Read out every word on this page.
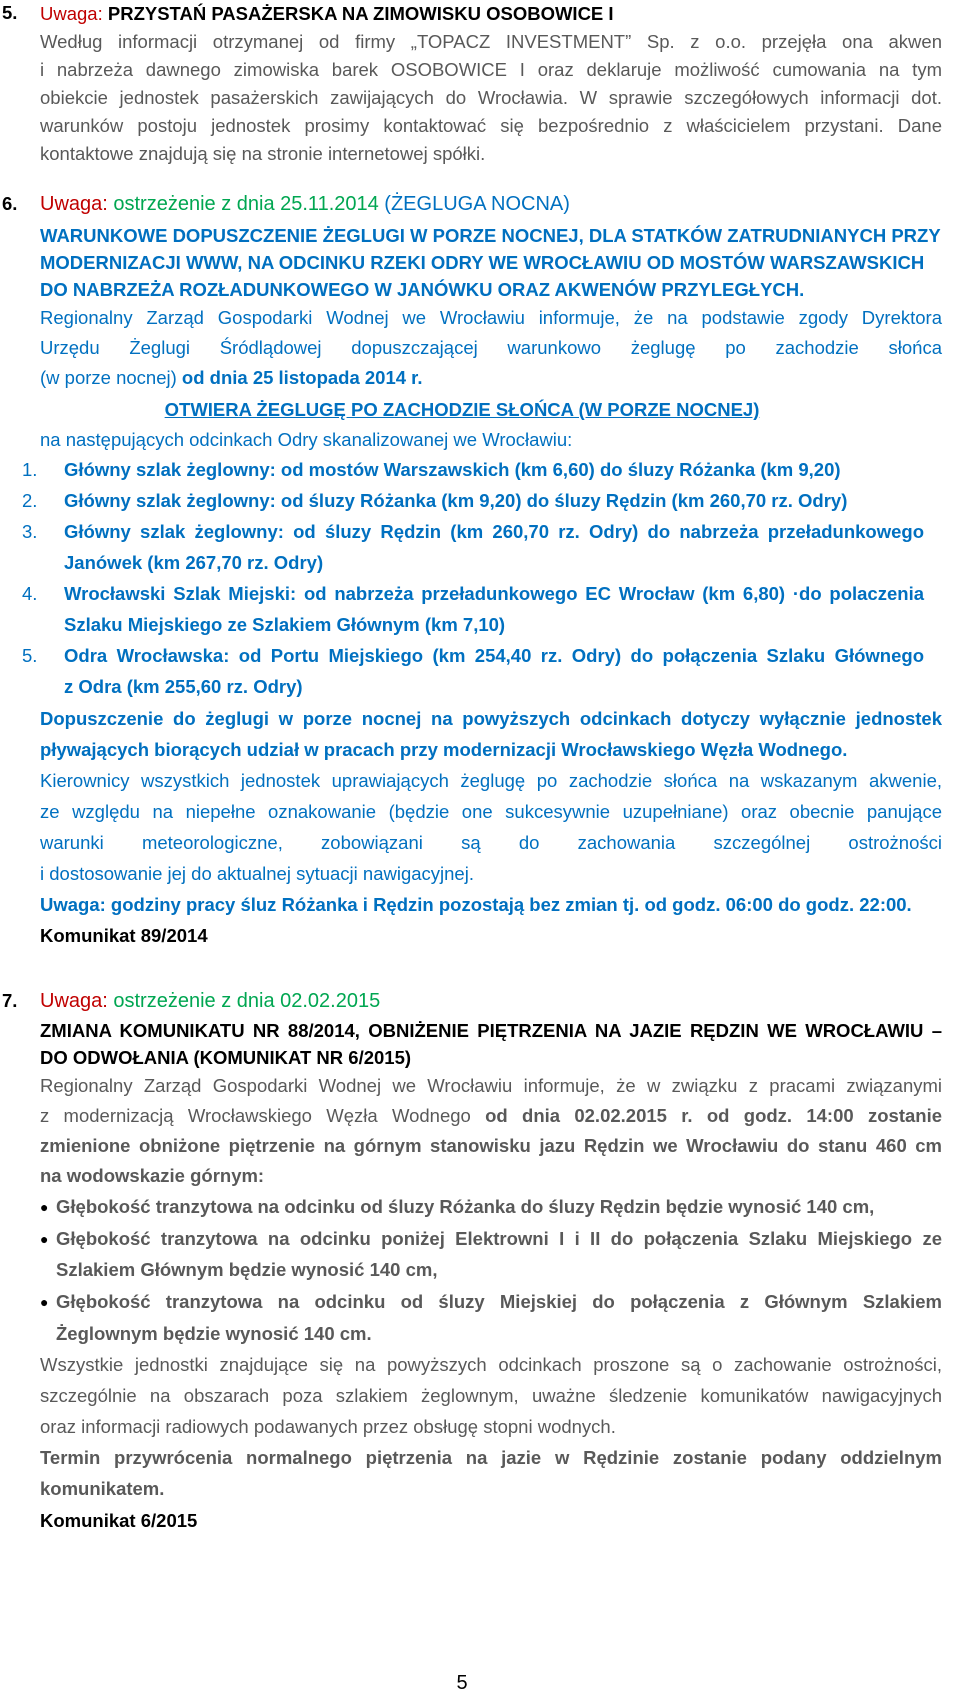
5. Uwaga: PRZYSTAŃ PASAŻERSKA NA ZIMOWISKU OSOBOWICE I
Według informacji otrzymanej od firmy „TOPACZ INVESTMENT” Sp. z o.o. przejęła ona akwen
i nabrzeża dawnego zimowiska barek OSOBOWICE I oraz deklaruje możliwość cumowania na tym
obiekcie jednostek pasażerskich zawijających do Wrocławia. W sprawie szczegółowych informacji dot.
warunków postoju jednostek prosimy kontaktować się bezpośrednio z właścicielem przystani. Dane
kontaktowe znajdują się na stronie internetowej spółki.
6. Uwaga: ostrzeżenie z dnia 25.11.2014 (ŻEGLUGA NOCNA)
WARUNKOWE DOPUSZCZENIE ŻEGLUGI W PORZE NOCNEJ, DLA STATKÓW ZATRUDNIANYCH PRZY
MODERNIZACJI WWW, NA ODCINKU RZEKI ODRY WE WROCŁAWIU OD MOSTÓW WARSZAWSKICH
DO NABRZEŻA ROZŁADUNKOWEGO W JANÓWKU ORAZ AKWENÓW PRZYLEGŁYCH.
Regionalny Zarząd Gospodarki Wodnej we Wrocławiu informuje, że na podstawie zgody Dyrektora
Urzędu Żeglugi Śródlądowej dopuszczającej warunkowo żeglugę po zachodzie słońca
(w porze nocnej) od dnia 25 listopada 2014 r.
OTWIERA ŻEGLUGĘ PO ZACHODZIE SŁOŃCA (W PORZE NOCNEJ)
na następujących odcinkach Odry skanalizowanej we Wrocławiu:
1. Główny szlak żeglowny: od mostów Warszawskich (km 6,60) do śluzy Różanka (km 9,20)
2. Główny szlak żeglowny: od śluzy Różanka (km 9,20) do śluzy Rędzin (km 260,70 rz. Odry)
3. Główny szlak żeglowny: od śluzy Rędzin (km 260,70 rz. Odry) do nabrzeża przeładunkowego
Janówek (km 267,70 rz. Odry)
4. Wrocławski Szlak Miejski: od nabrzeża przeładunkowego EC Wrocław (km 6,80) ·do polaczenia
Szlaku Miejskiego ze Szlakiem Głównym (km 7,10)
5. Odra Wrocławska: od Portu Miejskiego (km 254,40 rz. Odry) do połączenia Szlaku Głównego
z Odra (km 255,60 rz. Odry)
Dopuszczenie do żeglugi w porze nocnej na powyższych odcinkach dotyczy wyłącznie jednostek
pływających biorących udział w pracach przy modernizacji Wrocławskiego Węzła Wodnego.
Kierownicy wszystkich jednostek uprawiających żeglugę po zachodzie słońca na wskazanym akwenie,
ze względu na niepełne oznakowanie (będzie one sukcesywnie uzupełniane) oraz obecnie panujące
warunki meteorologiczne, zobowiązani są do zachowania szczególnej ostrożności
i dostosowanie jej do aktualnej sytuacji nawigacyjnej.
Uwaga: godziny pracy śluz Różanka i Rędzin pozostają bez zmian tj. od godz. 06:00 do godz. 22:00.
Komunikat 89/2014
7. Uwaga: ostrzeżenie z dnia 02.02.2015
ZMIANA KOMUNIKATU NR 88/2014, OBNIŻENIE PIĘTRZENIA NA JAZIE RĘDZIN WE WROCŁAWIU –
DO ODWOŁANIA (KOMUNIKAT NR 6/2015)
Regionalny Zarząd Gospodarki Wodnej we Wrocławiu informuje, że w związku z pracami związanymi
z modernizacją Wrocławskiego Węzła Wodnego od dnia 02.02.2015 r. od godz. 14:00 zostanie
zmienione obniżone piętrzenie na górnym stanowisku jazu Rędzin we Wrocławiu do stanu 460 cm
na wodowskazie górnym:
● Głębokość tranzytowa na odcinku od śluzy Różanka do śluzy Rędzin będzie wynosić 140 cm,
● Głębokość tranzytowa na odcinku poniżej Elektrowni I i II do połączenia Szlaku Miejskiego ze
Szlakiem Głównym będzie wynosić 140 cm,
● Głębokość tranzytowa na odcinku od śluzy Miejskiej do połączenia z Głównym Szlakiem
Żeglownym będzie wynosić 140 cm.
Wszystkie jednostki znajdujące się na powyższych odcinkach proszone są o zachowanie ostrożności,
szczególnie na obszarach poza szlakiem żeglownym, uważne śledzenie komunikatów nawigacyjnych
oraz informacji radiowych podawanych przez obsługę stopni wodnych.
Termin przywrócenia normalnego piętrzenia na jazie w Rędzinie zostanie podany oddzielnym
komunikatem.
Komunikat 6/2015
5
